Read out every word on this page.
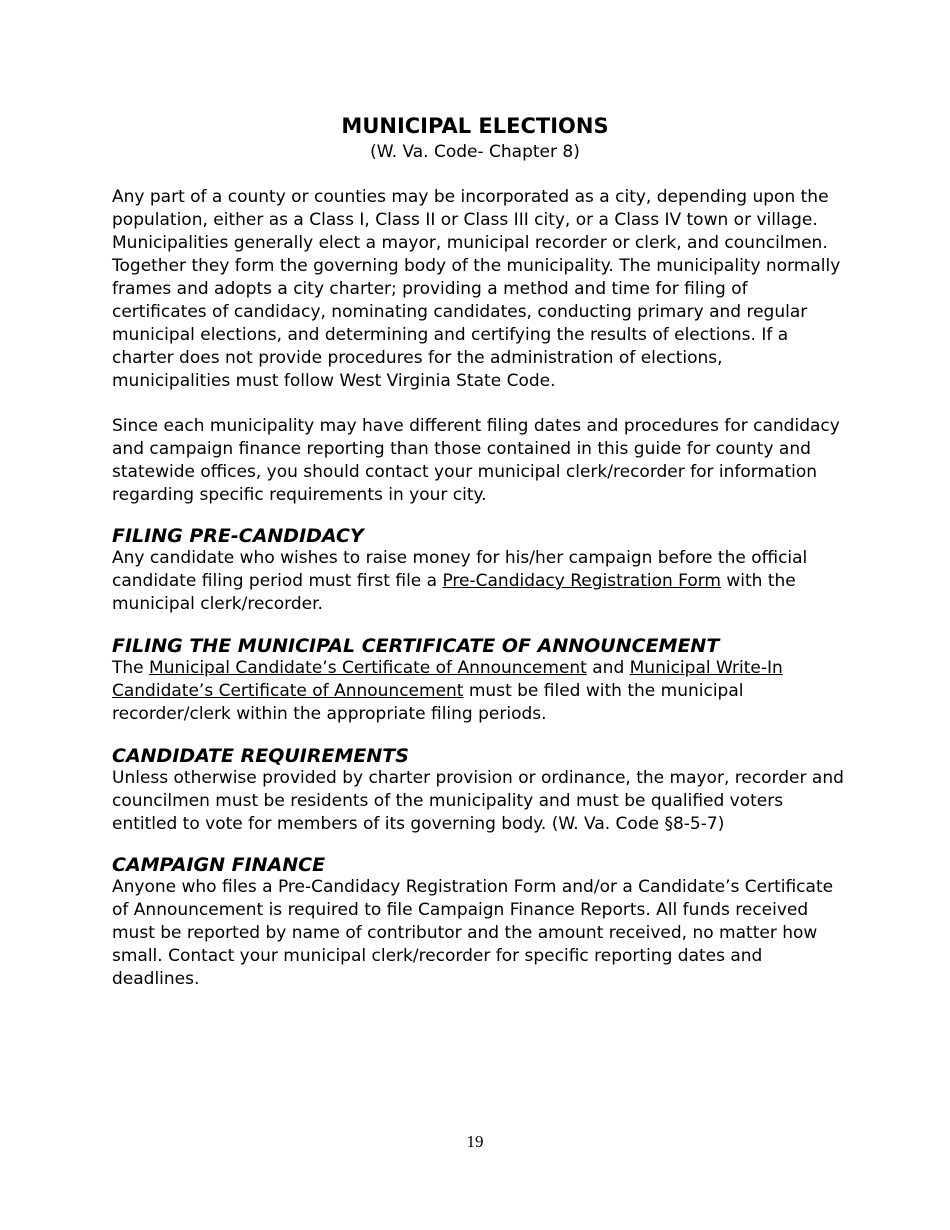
MUNICIPAL ELECTIONS
(W. Va. Code- Chapter 8)

Any part of a county or counties may be incorporated as a city, depending upon the population, either as a Class I, Class II or Class III city, or a Class IV town or village. Municipalities generally elect a mayor, municipal recorder or clerk, and councilmen. Together they form the governing body of the municipality. The municipality normally frames and adopts a city charter; providing a method and time for filing of certificates of candidacy, nominating candidates, conducting primary and regular municipal elections, and determining and certifying the results of elections. If a charter does not provide procedures for the administration of elections, municipalities must follow West Virginia State Code.

Since each municipality may have different filing dates and procedures for candidacy and campaign finance reporting than those contained in this guide for county and statewide offices, you should contact your municipal clerk/recorder for information regarding specific requirements in your city.

FILING PRE-CANDIDACY

Any candidate who wishes to raise money for his/her campaign before the official candidate filing period must first file a Pre-Candidacy Registration Form with the municipal clerk/recorder.

FILING THE MUNICIPAL CERTIFICATE OF ANNOUNCEMENT

The Municipal Candidate’s Certificate of Announcement and Municipal Write-In Candidate’s Certificate of Announcement must be filed with the municipal recorder/clerk within the appropriate filing periods.

CANDIDATE REQUIREMENTS

Unless otherwise provided by charter provision or ordinance, the mayor, recorder and councilmen must be residents of the municipality and must be qualified voters entitled to vote for members of its governing body. (W. Va. Code §8-5-7)

CAMPAIGN FINANCE

Anyone who files a Pre-Candidacy Registration Form and/or a Candidate’s Certificate of Announcement is required to file Campaign Finance Reports. All funds received must be reported by name of contributor and the amount received, no matter how small. Contact your municipal clerk/recorder for specific reporting dates and deadlines.

19
